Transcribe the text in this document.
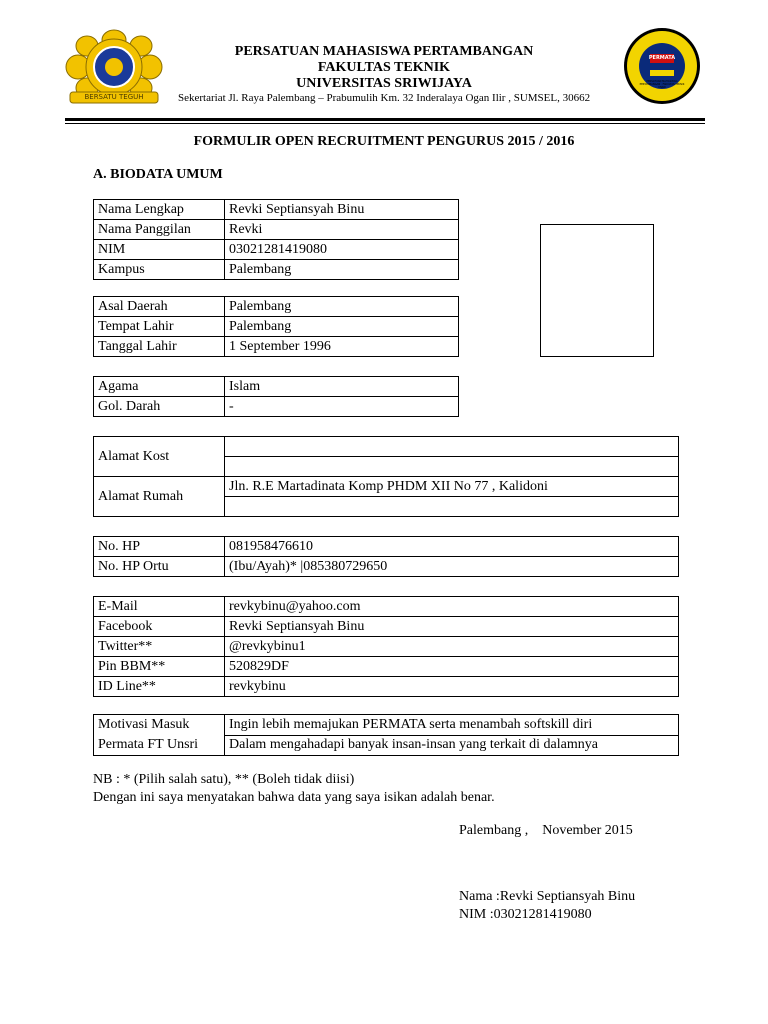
BERSATU TEGUH
PERMATA
PERSATUAN MAHASISWA PERTAMBANGAN · FAKULTAS TEKNIK UNSRI
PERSATUAN MAHASISWA PERTAMBANGAN
FAKULTAS TEKNIK
UNIVERSITAS SRIWIJAYA
Sekertariat Jl. Raya Palembang – Prabumulih Km. 32 Inderalaya Ogan Ilir , SUMSEL, 30662
FORMULIR OPEN RECRUITMENT PENGURUS 2015 / 2016
A. BIODATA UMUM
Nama Lengkap	Revki Septiansyah Binu
Nama Panggilan	Revki
NIM	03021281419080
Kampus	Palembang
Asal Daerah	Palembang
Tempat Lahir	Palembang
Tanggal Lahir	1 September 1996
Agama	Islam
Gol. Darah	-
Alamat Kost	

Alamat Rumah	Jln. R.E Martadinata Komp PHDM XII No 77 , Kalidoni

No. HP	081958476610
No. HP Ortu	(Ibu/Ayah)* |085380729650
E-Mail	revkybinu@yahoo.com
Facebook	Revki Septiansyah Binu
Twitter**	@revkybinu1
Pin BBM**	520829DF
ID Line**	revkybinu
Motivasi Masuk
Permata FT Unsri	Ingin lebih memajukan PERMATA serta menambah softskill diri
Dalam mengahadapi banyak insan-insan yang terkait di dalamnya
NB : * (Pilih salah satu), ** (Boleh tidak diisi)
Dengan ini saya menyatakan bahwa data yang saya isikan adalah benar.
Palembang ,    November 2015
Nama :Revki Septiansyah Binu
NIM :03021281419080
